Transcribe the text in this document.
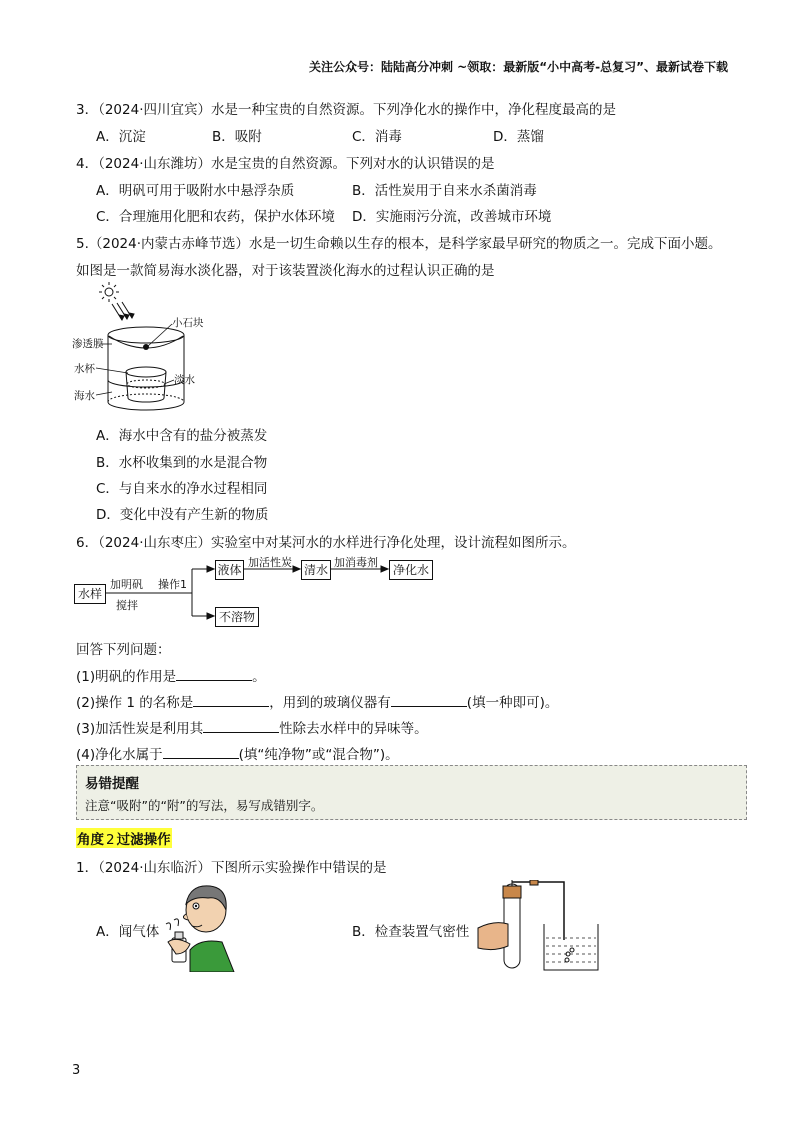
关注公众号：陆陆高分冲刺 ~领取：最新版“小中高考-总复习”、最新试卷下载
3．（2024·四川宜宾）水是一种宝贵的自然资源。下列净化水的操作中，净化程度最高的是
A．沉淀	B．吸附	C．消毒	D．蒸馏
4．（2024·山东潍坊）水是宝贵的自然资源。下列对水的认识错误的是
A．明矾可用于吸附水中悬浮杂质	B．活性炭用于自来水杀菌消毒
C．合理施用化肥和农药，保护水体环境 D．实施雨污分流，改善城市环境
5.（2024·内蒙古赤峰节选）水是一切生命赖以生存的根本，是科学家最早研究的物质之一。完成下面小题。
如图是一款简易海水淡化器，对于该装置淡化海水的过程认识正确的是
小石块
渗透膜
水杯
淡水
海水
A．海水中含有的盐分被蒸发
B．水杯收集到的水是混合物
C．与自来水的净水过程相同
D．变化中没有产生新的物质
6．（2024·山东枣庄）实验室中对某河水的水样进行净化处理，设计流程如图所示。
水样
加明矾
搅拌
操作1
液体
加活性炭
清水
加消毒剂
净化水
不溶物
回答下列问题：
(1)明矾的作用是	。
(2)操作 1 的名称是	，用到的玻璃仪器有	(填一种即可)。
(3)加活性炭是利用其	性除去水样中的异味等。
(4)净化水属于	(填“纯净物”或“混合物”)。
易错提醒
注意“吸附”的“附”的写法，易写成错别字。
角度 2 过滤操作
1．（2024·山东临沂）下图所示实验操作中错误的是
A．闻气体	B．检查装置气密性
3
